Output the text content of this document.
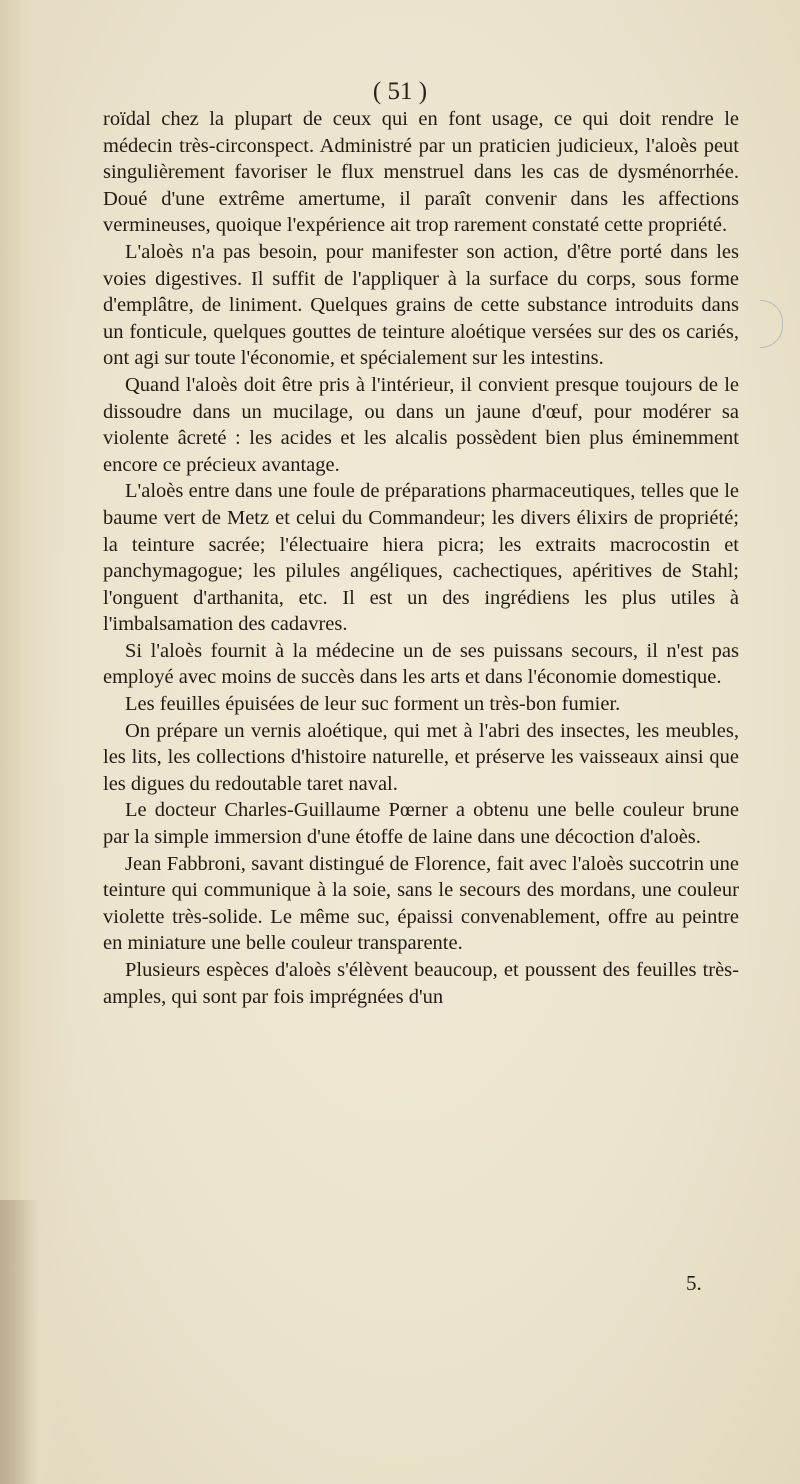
( 51 )

roïdal chez la plupart de ceux qui en font usage, ce qui doit rendre le médecin très-circonspect. Administré par un praticien judicieux, l'aloès peut singulièrement favoriser le flux menstruel dans les cas de dysménorrhée. Doué d'une extrême amertume, il paraît convenir dans les affections vermineuses, quoique l'expérience ait trop rarement constaté cette propriété.

L'aloès n'a pas besoin, pour manifester son action, d'être porté dans les voies digestives. Il suffit de l'appliquer à la surface du corps, sous forme d'emplâtre, de liniment. Quelques grains de cette substance introduits dans un fonticule, quelques gouttes de teinture aloétique versées sur des os cariés, ont agi sur toute l'économie, et spécialement sur les intestins.

Quand l'aloès doit être pris à l'intérieur, il convient presque toujours de le dissoudre dans un mucilage, ou dans un jaune d'œuf, pour modérer sa violente âcreté : les acides et les alcalis possèdent bien plus éminemment encore ce précieux avantage.

L'aloès entre dans une foule de préparations pharmaceutiques, telles que le baume vert de Metz et celui du Commandeur; les divers élixirs de propriété; la teinture sacrée; l'électuaire hiera picra; les extraits macrocostin et panchymagogue; les pilules angéliques, cachectiques, apéritives de Stahl; l'onguent d'arthanita, etc. Il est un des ingrédiens les plus utiles à l'imbalsamation des cadavres.

Si l'aloès fournit à la médecine un de ses puissans secours, il n'est pas employé avec moins de succès dans les arts et dans l'économie domestique.

Les feuilles épuisées de leur suc forment un très-bon fumier.

On prépare un vernis aloétique, qui met à l'abri des insectes, les meubles, les lits, les collections d'histoire naturelle, et préserve les vaisseaux ainsi que les digues du redoutable taret naval.

Le docteur Charles-Guillaume Pœrner a obtenu une belle couleur brune par la simple immersion d'une étoffe de laine dans une décoction d'aloès.

Jean Fabbroni, savant distingué de Florence, fait avec l'aloès succotrin une teinture qui communique à la soie, sans le secours des mordans, une couleur violette très-solide. Le même suc, épaissi convenablement, offre au peintre en miniature une belle couleur transparente.

Plusieurs espèces d'aloès s'élèvent beaucoup, et poussent des feuilles très-amples, qui sont par fois imprégnées d'un

5.
